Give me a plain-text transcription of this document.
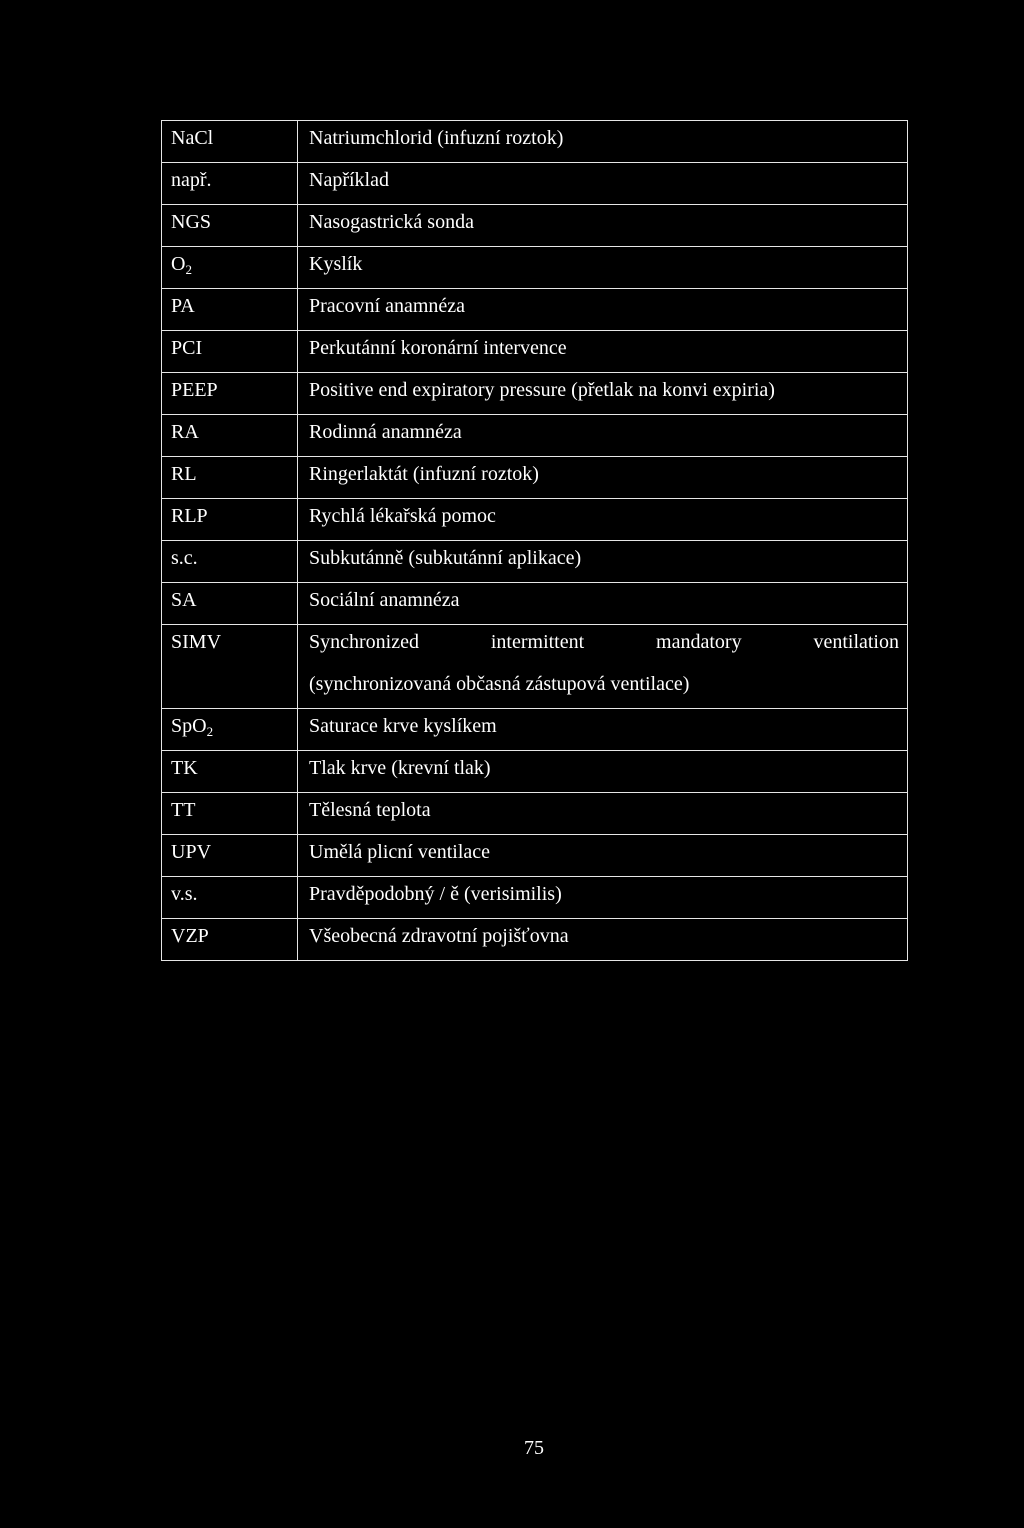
NaCl	Natriumchlorid (infuzní roztok)
např.	Například
NGS	Nasogastrická sonda
$O_2$	Kyslík
PA	Pracovní anamnéza
PCI	Perkutánní koronární intervence
PEEP	Positive end expiratory pressure (přetlak na konvi expiria)
RA	Rodinná anamnéza
RL	Ringerlaktát (infuzní roztok)
RLP	Rychlá lékařská pomoc
s.c.	Subkutánně (subkutánní aplikace)
SA	Sociální anamnéza
SIMV	Synchronized intermittent mandatory ventilation
(synchronizovaná občasná zástupová ventilace)

SpO$_2$	Saturace krve kyslíkem
TK	Tlak krve (krevní tlak)
TT	Tělesná teplota
UPV	Umělá plicní ventilace
v.s.	Pravděpodobný / ě (verisimilis)
VZP	Všeobecná zdravotní pojišťovna
75
